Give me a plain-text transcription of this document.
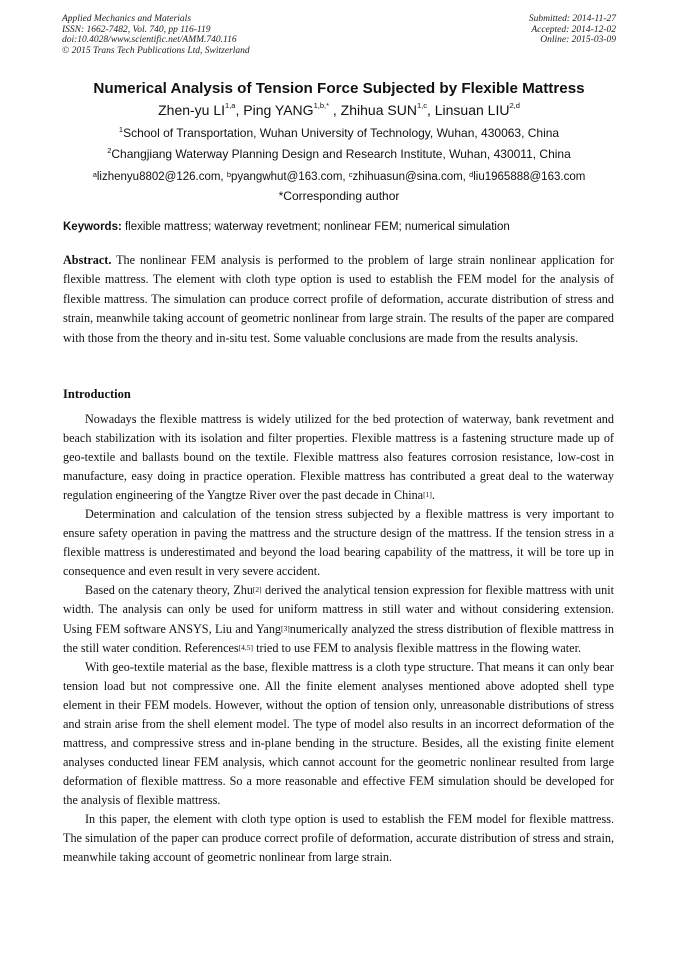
Applied Mechanics and Materials
ISSN: 1662-7482, Vol. 740, pp 116-119
doi:10.4028/www.scientific.net/AMM.740.116
© 2015 Trans Tech Publications Ltd, Switzerland
Submitted: 2014-11-27
Accepted: 2014-12-02
Online: 2015-03-09
Numerical Analysis of Tension Force Subjected by Flexible Mattress
Zhen-yu LI$^{1,a}$, Ping $YANG^{1,b,*}$ , Zhihua SUN$^{1,c}$, Linsuan LIU$^{2,d}$
$^1$School of Transportation, Wuhan University of Technology, Wuhan, 430063, China
$^2$Changjiang Waterway Planning Design and Research Institute, Wuhan, 430011, China
$^a$lizhenyu8802@126.com, $^b$pyangwhut@163.com, $^c$zhihuasun@sina.com, $^d$liu1965888@163.com
*Corresponding author
Keywords: flexible mattress; waterway revetment; nonlinear FEM; numerical simulation

Abstract. The nonlinear FEM analysis is performed to the problem of large strain nonlinear application for flexible mattress. The element with cloth type option is used to establish the FEM model for the analysis of flexible mattress. The simulation can produce correct profile of deformation, accurate distribution of stress and strain, meanwhile taking account of geometric nonlinear from large strain. The results of the paper are compared with those from the theory and in-situ test. Some valuable conclusions are made from the results analysis.

Introduction

Nowadays the flexible mattress is widely utilized for the bed protection of waterway, bank revetment and beach stabilization with its isolation and filter properties. Flexible mattress is a fastening structure made up of geo-textile and ballasts bound on the textile. Flexible mattress also features corrosion resistance, low-cost in manufacture, easy doing in practice operation. Flexible mattress has contributed a great deal to the waterway regulation engineering of the Yangtze River over the past decade in China[1].

Determination and calculation of the tension stress subjected by a flexible mattress is very important to ensure safety operation in paving the mattress and the structure design of the mattress. If the tension stress in a flexible mattress is underestimated and beyond the load bearing capability of the mattress, it will be tore up in consequence and even result in very severe accident.

Based on the catenary theory, Zhu[2] derived the analytical tension expression for flexible mattress with unit width. The analysis can only be used for uniform mattress in still water and without considering extension. Using FEM software ANSYS, Liu and Yang[3]numerically analyzed the stress distribution of flexible mattress in the still water condition. References[4,5] tried to use FEM to analysis flexible mattress in the flowing water.

With geo-textile material as the base, flexible mattress is a cloth type structure. That means it can only bear tension load but not compressive one. All the finite element analyses mentioned above adopted shell type element in their FEM models. However, without the option of tension only, unreasonable distributions of stress and strain arise from the shell element model. The type of model also results in an incorrect deformation of the mattress, and compressive stress and in-plane bending in the structure. Besides, all the existing finite element analyses conducted linear FEM analysis, which cannot account for the geometric nonlinear resulted from large deformation of flexible mattress. So a more reasonable and effective FEM simulation should be developed for the analysis of flexible mattress.

In this paper, the element with cloth type option is used to establish the FEM model for flexible mattress. The simulation of the paper can produce correct profile of deformation, accurate distribution of stress and strain, meanwhile taking account of geometric nonlinear from large strain.
